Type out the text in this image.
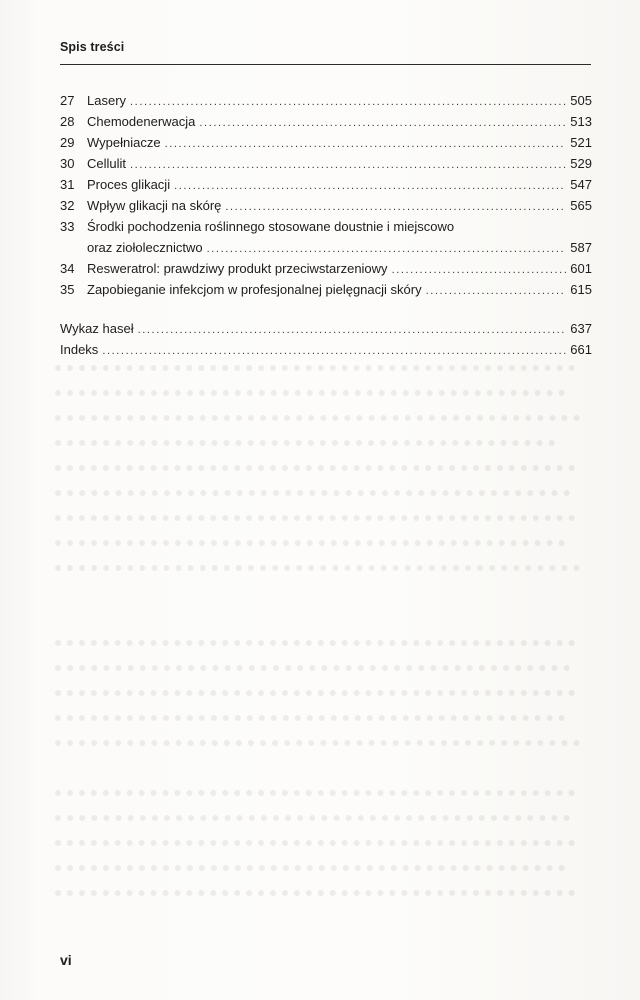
Spis treści
27 Lasery .....	505
28 Chemodenerwacja .....	513
29 Wypełniacze .....	521
30 Cellulit .....	529
31 Proces glikacji .....	547
32 Wpływ glikacji na skórę .....	565
33 Środki pochodzenia roślinnego stosowane doustnie i miejscowo
oraz ziołolecznictwo .....	587
34 Resweratrol: prawdziwy produkt przeciwstarzeniowy .....	601
35 Zapobieganie infekcjom w profesjonalnej pielęgnacji skóry .....	615
Wykaz haseł .....	637
Indeks .....	661
vi
